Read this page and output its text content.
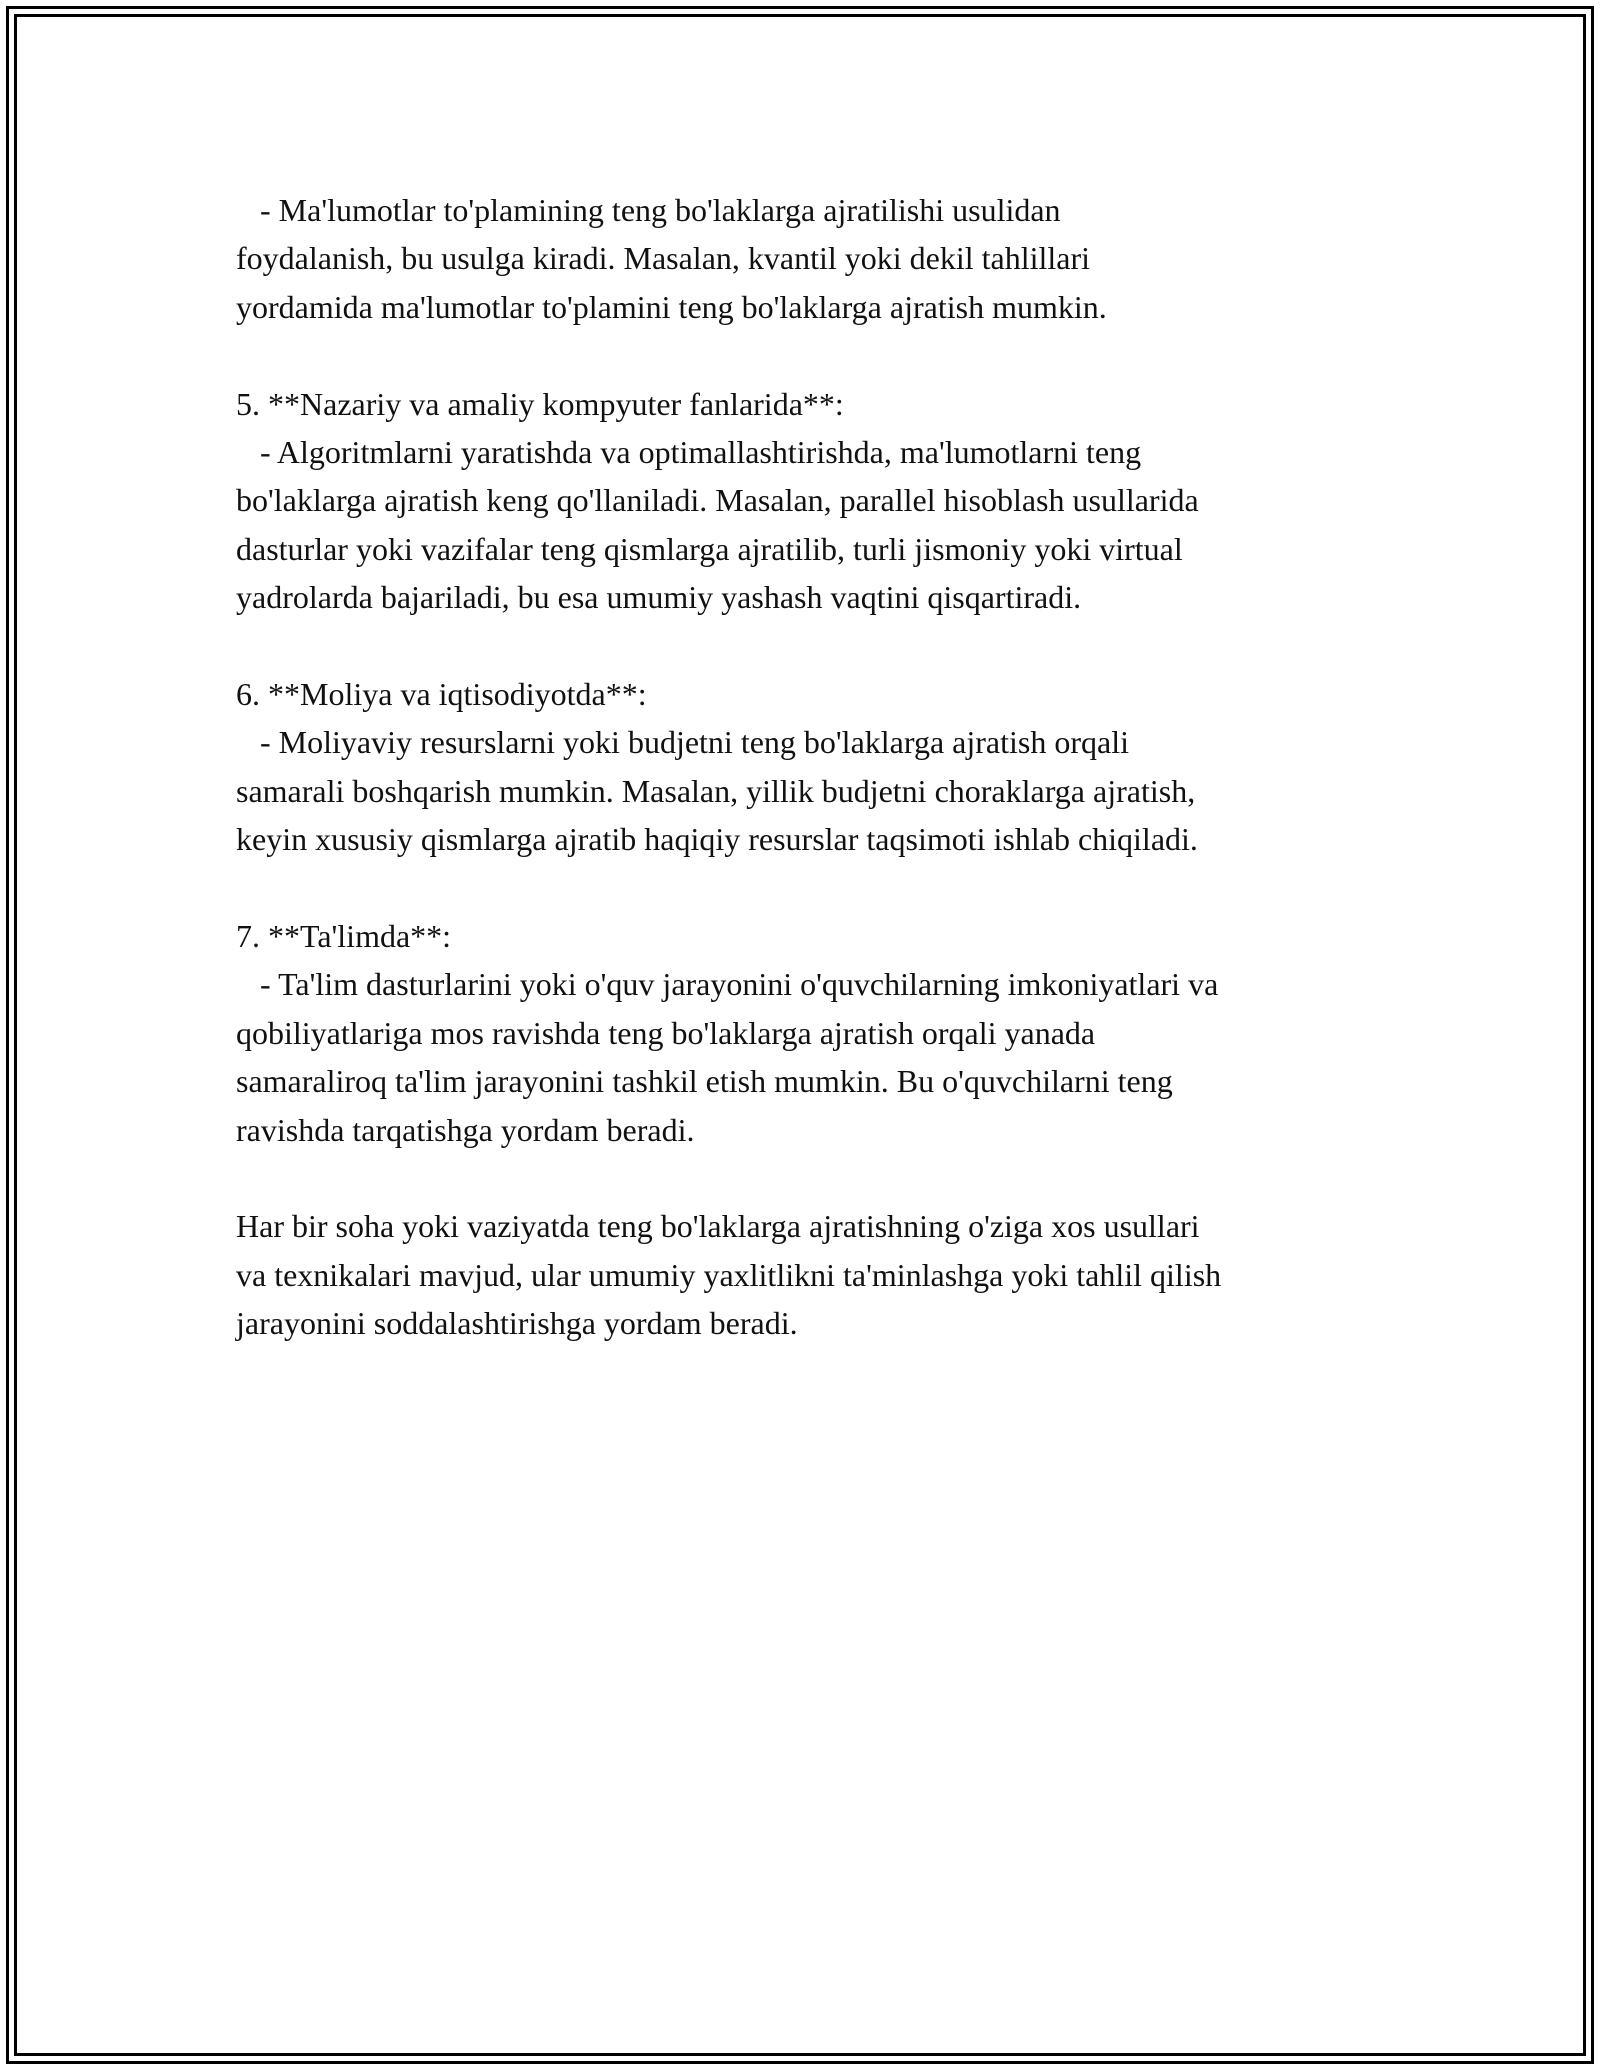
- Ma'lumotlar to'plamining teng bo'laklarga ajratilishi usulidan
foydalanish, bu usulga kiradi. Masalan, kvantil yoki dekil tahlillari
yordamida ma'lumotlar to'plamini teng bo'laklarga ajratish mumkin.
5. **Nazariy va amaliy kompyuter fanlarida**:
- Algoritmlarni yaratishda va optimallashtirishda, ma'lumotlarni teng
bo'laklarga ajratish keng qo'llaniladi. Masalan, parallel hisoblash usullarida
dasturlar yoki vazifalar teng qismlarga ajratilib, turli jismoniy yoki virtual
yadrolarda bajariladi, bu esa umumiy yashash vaqtini qisqartiradi.
6. **Moliya va iqtisodiyotda**:
- Moliyaviy resurslarni yoki budjetni teng bo'laklarga ajratish orqali
samarali boshqarish mumkin. Masalan, yillik budjetni choraklarga ajratish,
keyin xususiy qismlarga ajratib haqiqiy resurslar taqsimoti ishlab chiqiladi.
7. **Ta'limda**:
- Ta'lim dasturlarini yoki o'quv jarayonini o'quvchilarning imkoniyatlari va
qobiliyatlariga mos ravishda teng bo'laklarga ajratish orqali yanada
samaraliroq ta'lim jarayonini tashkil etish mumkin. Bu o'quvchilarni teng
ravishda tarqatishga yordam beradi.
Har bir soha yoki vaziyatda teng bo'laklarga ajratishning o'ziga xos usullari
va texnikalari mavjud, ular umumiy yaxlitlikni ta'minlashga yoki tahlil qilish
jarayonini soddalashtirishga yordam beradi.
